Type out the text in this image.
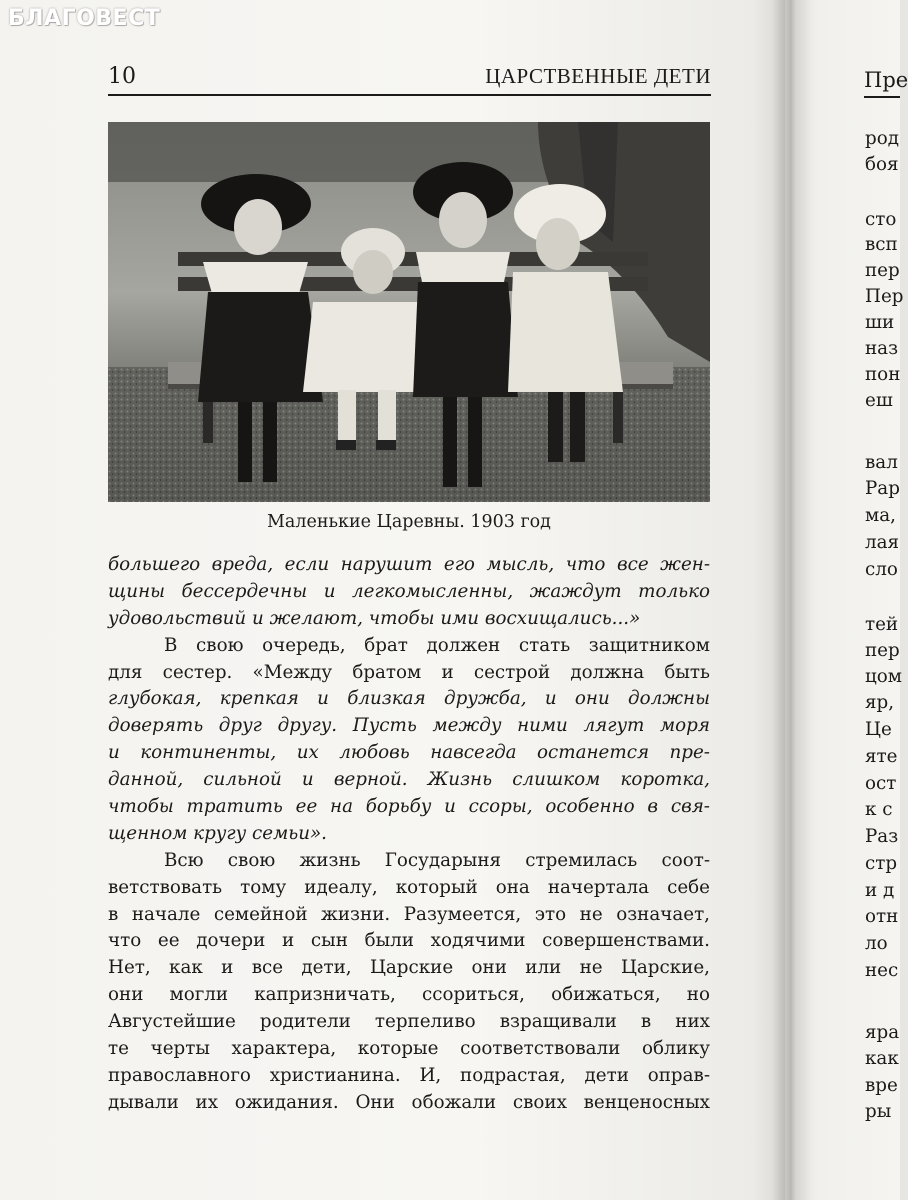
БЛАГОВЕСТ
10	ЦАРСТВЕННЫЕ ДЕТИ
Маленькие Царевны. 1903 год
большего вреда, если нарушит его мысль, что все жен-
щины бессердечны и легкомысленны, жаждут только
удовольствий и желают, чтобы ими восхищались...»
В свою очередь, брат должен стать защитником
для сестер. «Между братом и сестрой должна быть
глубокая, крепкая и близкая дружба, и они должны
доверять друг другу. Пусть между ними лягут моря
и континенты, их любовь навсегда останется пре-
данной, сильной и верной. Жизнь слишком коротка,
чтобы тратить ее на борьбу и ссоры, особенно в свя-
щенном кругу семьи».
Всю свою жизнь Государыня стремилась соот-
ветствовать тому идеалу, который она начертала себе
в начале семейной жизни. Разумеется, это не означает,
что ее дочери и сын были ходячими совершенствами.
Нет, как и все дети, Царские они или не Царские,
они могли капризничать, ссориться, обижаться, но
Августейшие родители терпеливо взращивали в них
те черты характера, которые соответствовали облику
православного христианина. И, подрастая, дети оправ-
дывали их ожидания. Они обожали своих венценосных
Пре
род
боя
сто
всп
пер
Пер
ши
наз
пон
еш
вал
Рар
ма,
лая
сло
тей
пер
цом
яр,
Це
яте
ост
к с
Раз
стр
и д
отн
ло
нес
яра
как
вре
ры
